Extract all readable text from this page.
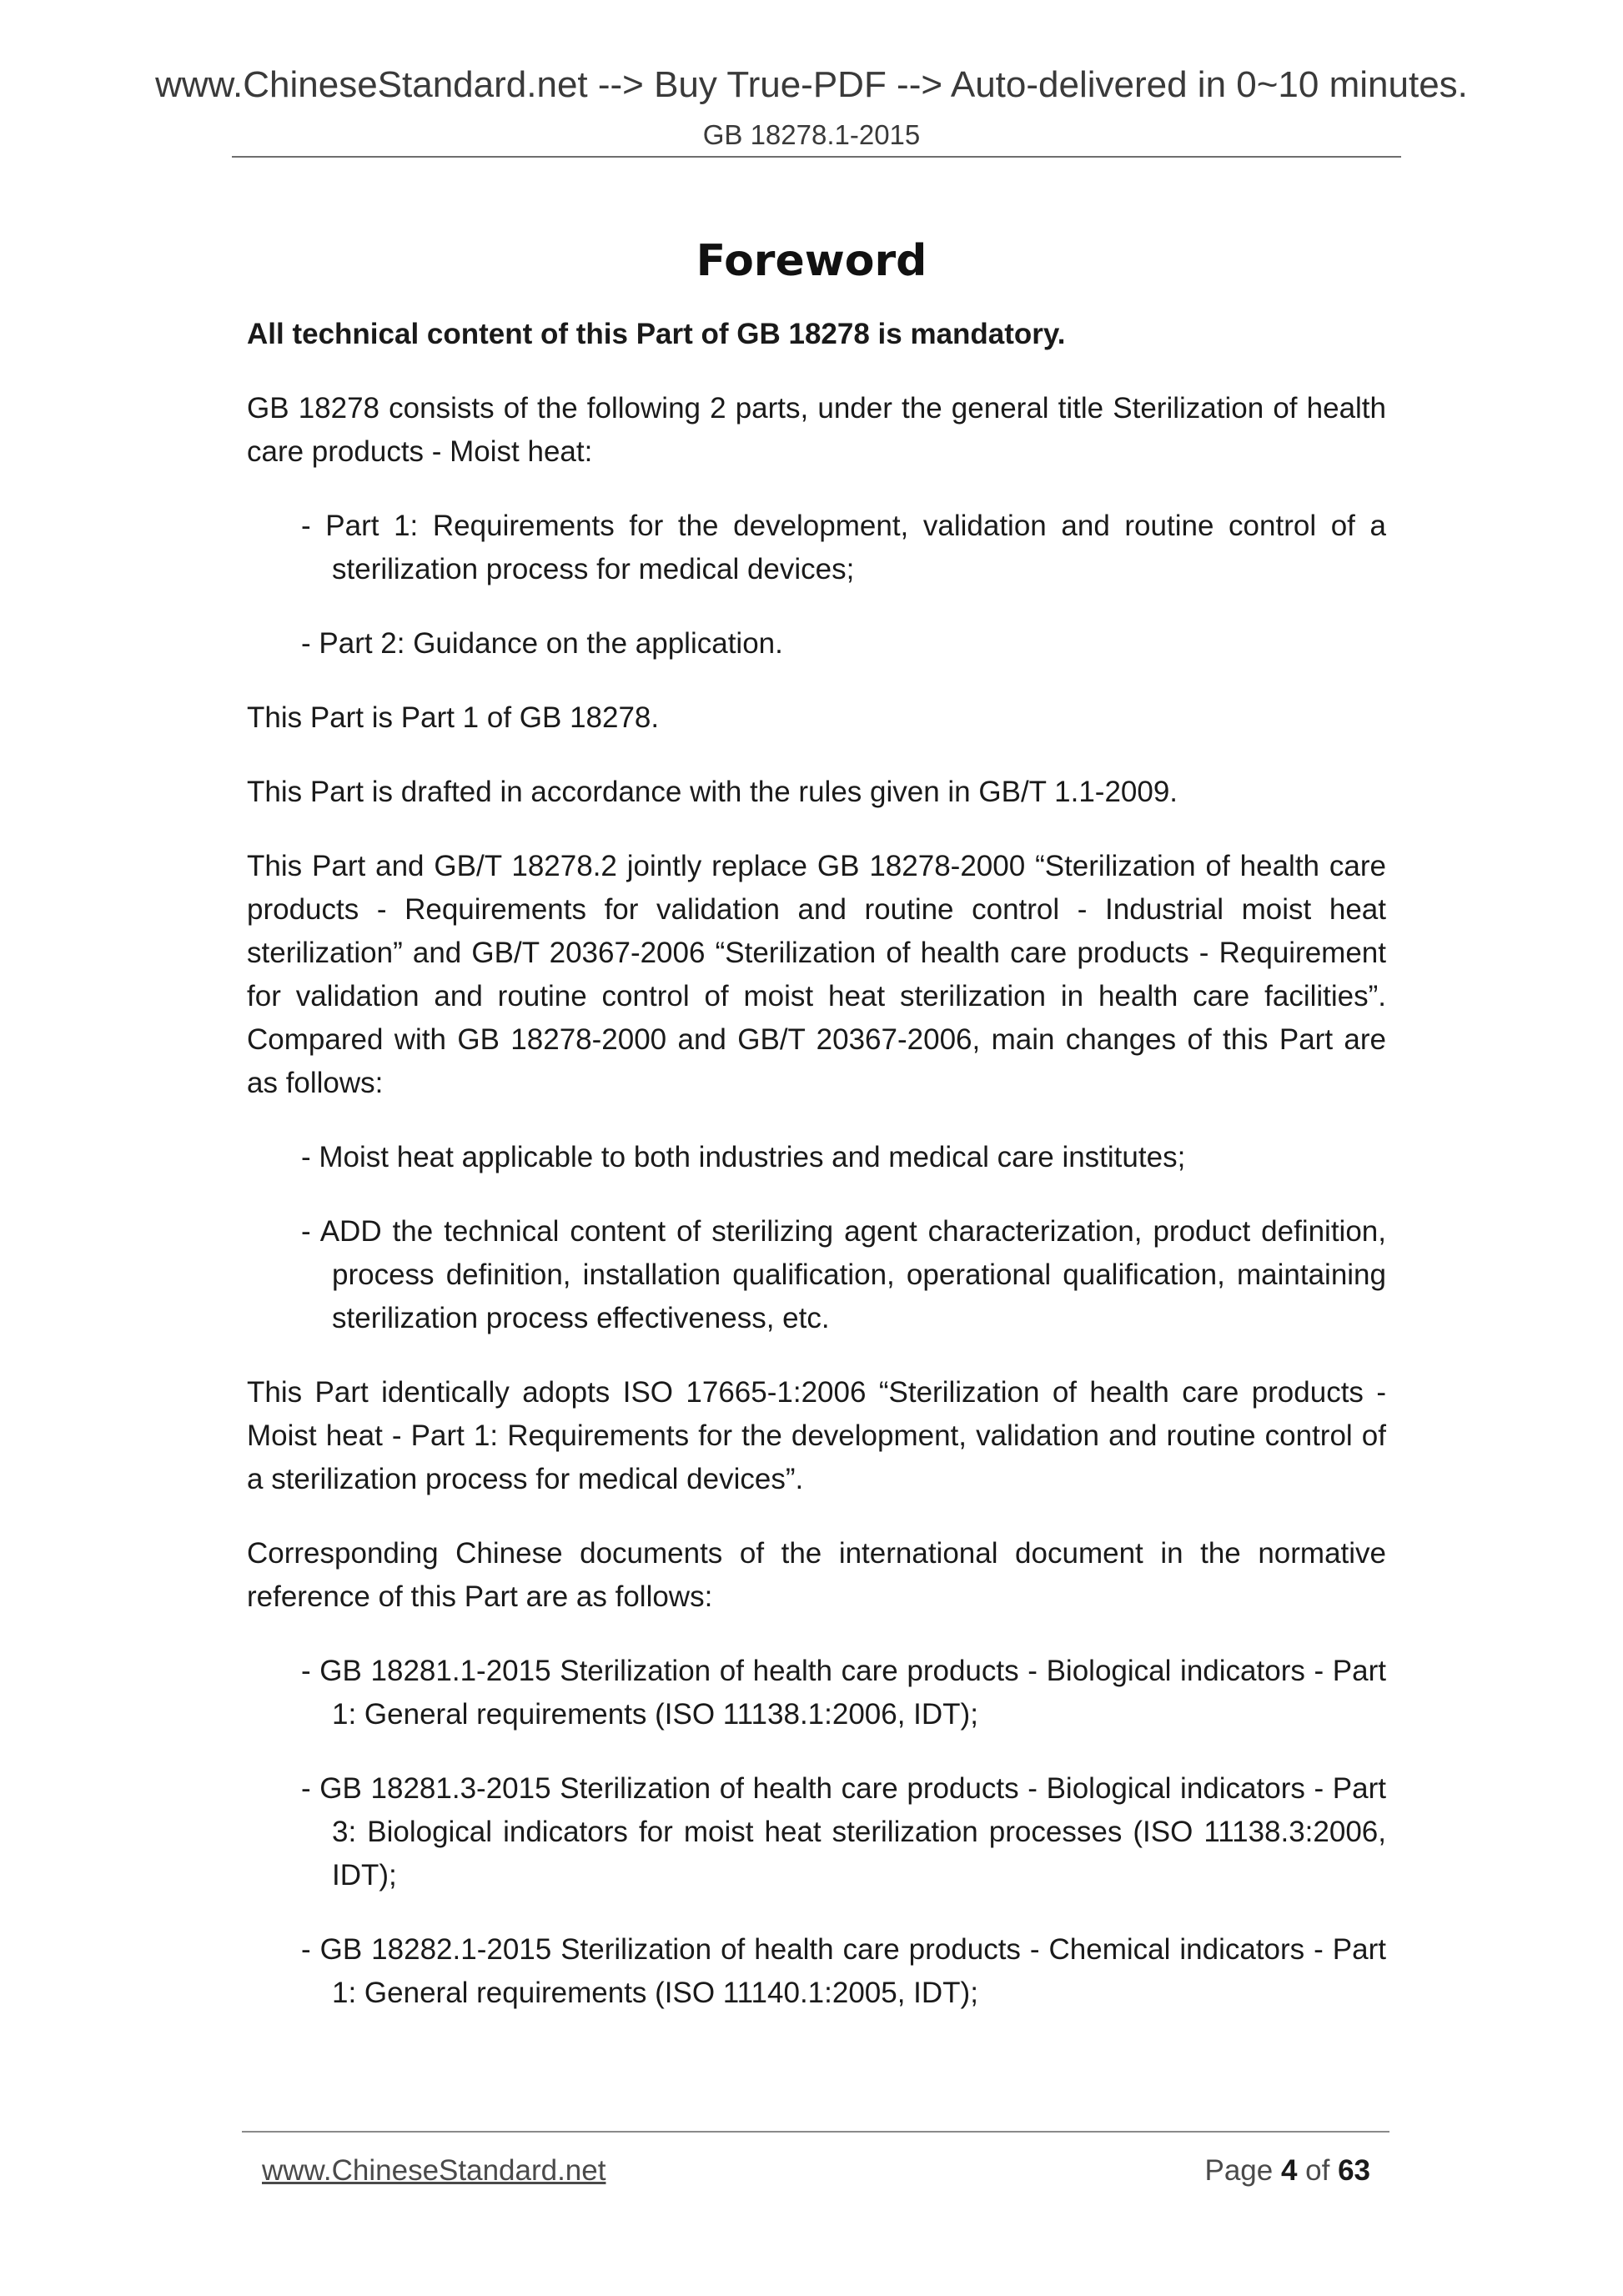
www.ChineseStandard.net --> Buy True-PDF --> Auto-delivered in 0~10 minutes.
GB 18278.1-2015
Foreword

All technical content of this Part of GB 18278 is mandatory.

GB 18278 consists of the following 2 parts, under the general title Sterilization of health care products - Moist heat:

- Part 1: Requirements for the development, validation and routine control of a sterilization process for medical devices;

- Part 2: Guidance on the application.

This Part is Part 1 of GB 18278.

This Part is drafted in accordance with the rules given in GB/T 1.1-2009.

This Part and GB/T 18278.2 jointly replace GB 18278-2000 “Sterilization of health care products - Requirements for validation and routine control - Industrial moist heat sterilization” and GB/T 20367-2006 “Sterilization of health care products - Requirement for validation and routine control of moist heat sterilization in health care facilities”. Compared with GB 18278-2000 and GB/T 20367-2006, main changes of this Part are as follows:

- Moist heat applicable to both industries and medical care institutes;

- ADD the technical content of sterilizing agent characterization, product definition, process definition, installation qualification, operational qualification, maintaining sterilization process effectiveness, etc.

This Part identically adopts ISO 17665-1:2006 “Sterilization of health care products - Moist heat - Part 1: Requirements for the development, validation and routine control of a sterilization process for medical devices”.

Corresponding Chinese documents of the international document in the normative reference of this Part are as follows:

- GB 18281.1-2015 Sterilization of health care products - Biological indicators - Part 1: General requirements (ISO 11138.1:2006, IDT);

- GB 18281.3-2015 Sterilization of health care products - Biological indicators - Part 3: Biological indicators for moist heat sterilization processes (ISO 11138.3:2006, IDT);

- GB 18282.1-2015 Sterilization of health care products - Chemical indicators - Part 1: General requirements (ISO 11140.1:2005, IDT);

www.ChineseStandard.net	Page 4 of 63
